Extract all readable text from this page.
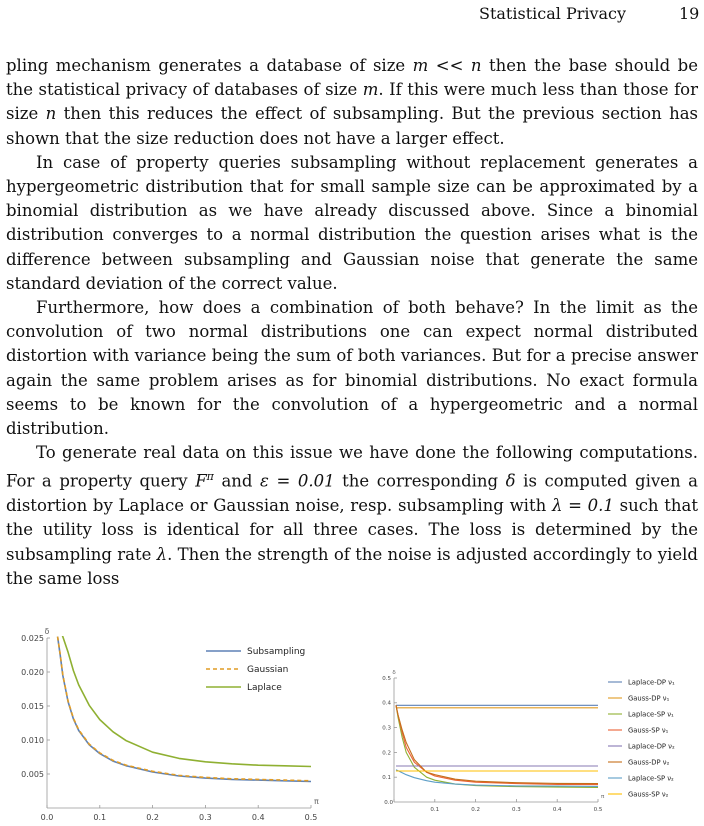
Statistical Privacy	19

pling mechanism generates a database of size m << n then the base should be the statistical privacy of databases of size m. If this were much less than those for size n then this reduces the effect of subsampling. But the previous section has shown that the size reduction does not have a larger effect.

In case of property queries subsampling without replacement generates a hypergeometric distribution that for small sample size can be approximated by a binomial distribution as we have already discussed above. Since a binomial distribution converges to a normal distribution the question arises what is the difference between subsampling and Gaussian noise that generate the same standard deviation of the correct value.

Furthermore, how does a combination of both behave? In the limit as the convolution of two normal distributions one can expect normal distributed distortion with variance being the sum of both variances. But for a precise answer again the same problem arises as for binomial distributions. No exact formula seems to be known for the convolution of a hypergeometric and a normal distribution.

To generate real data on this issue we have done the following computations. For a property query $F^\pi$ and ε = 0.01 the corresponding δ is computed given a distortion by Laplace or Gaussian noise, resp. subsampling with λ = 0.1 such that the utility loss is identical for all three cases. The loss is determined by the subsampling rate λ. Then the strength of the noise is adjusted accordingly to yield the same loss

0.0	0.1	0.2	0.3	0.4	0.5
0.005
0.010
0.015
0.020
0.025
π
δ
Subsampling
Gaussian
Laplace
0.1	0.2	0.3	0.4	0.5
0.1
0.2
0.3
0.4
0.5
0.0
π
δ
Laplace-DP ν₁
Gauss-DP ν₁
Laplace-SP ν₁
Gauss-SP ν₁
Laplace-DP ν₂
Gauss-DP ν₂
Laplace-SP ν₂
Gauss-SP ν₂
